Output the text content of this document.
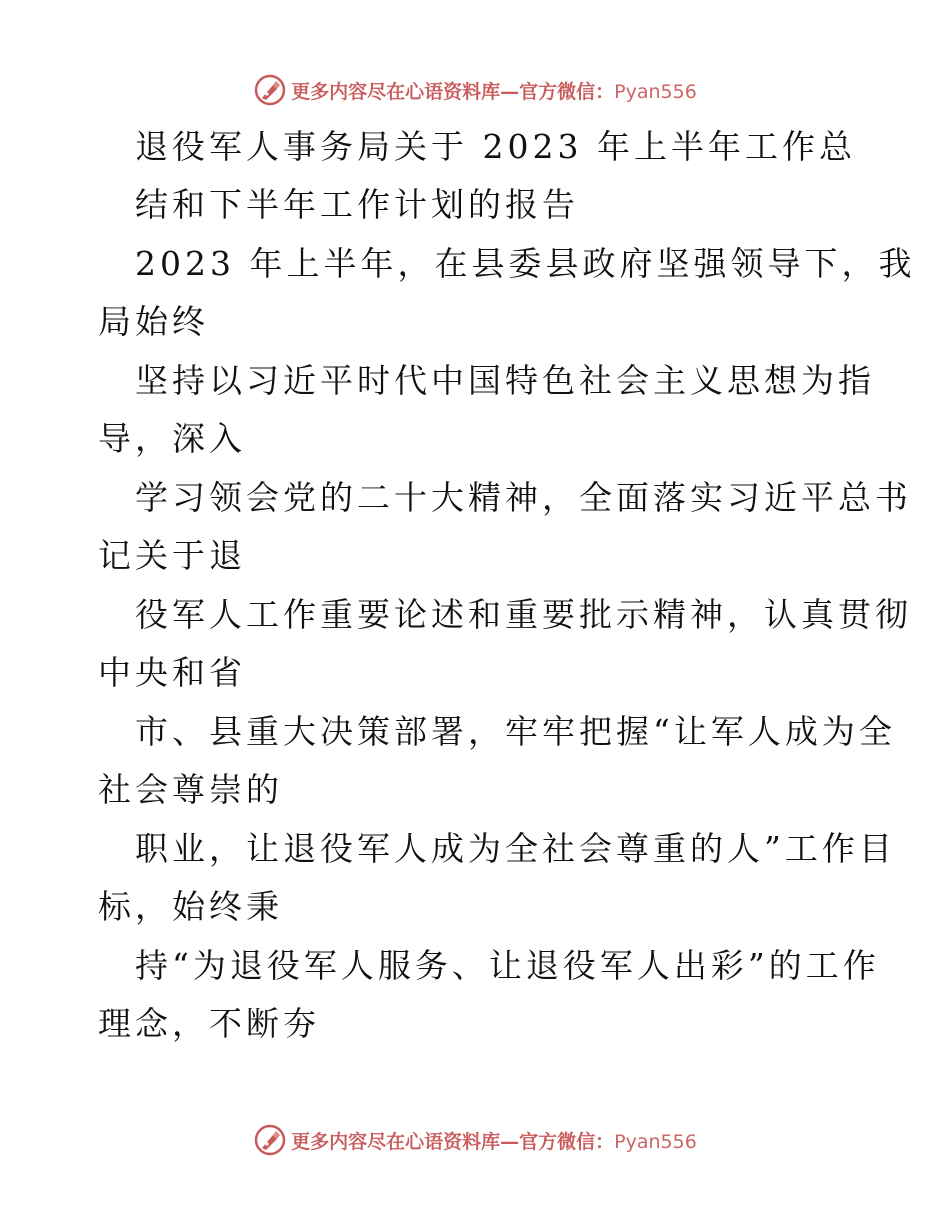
更多内容尽在心语资料库—官方微信：Pyan556
退役军人事务局关于 2023 年上半年工作总
结和下半年工作计划的报告
2023 年上半年，在县委县政府坚强领导下，我
局始终
坚持以习近平时代中国特色社会主义思想为指
导，深入
学习领会党的二十大精神，全面落实习近平总书
记关于退
役军人工作重要论述和重要批示精神，认真贯彻
中央和省
市、县重大决策部署，牢牢把握“让军人成为全
社会尊崇的
职业，让退役军人成为全社会尊重的人”工作目
标，始终秉
持“为退役军人服务、让退役军人出彩”的工作
理念，不断夯
更多内容尽在心语资料库—官方微信：Pyan556
